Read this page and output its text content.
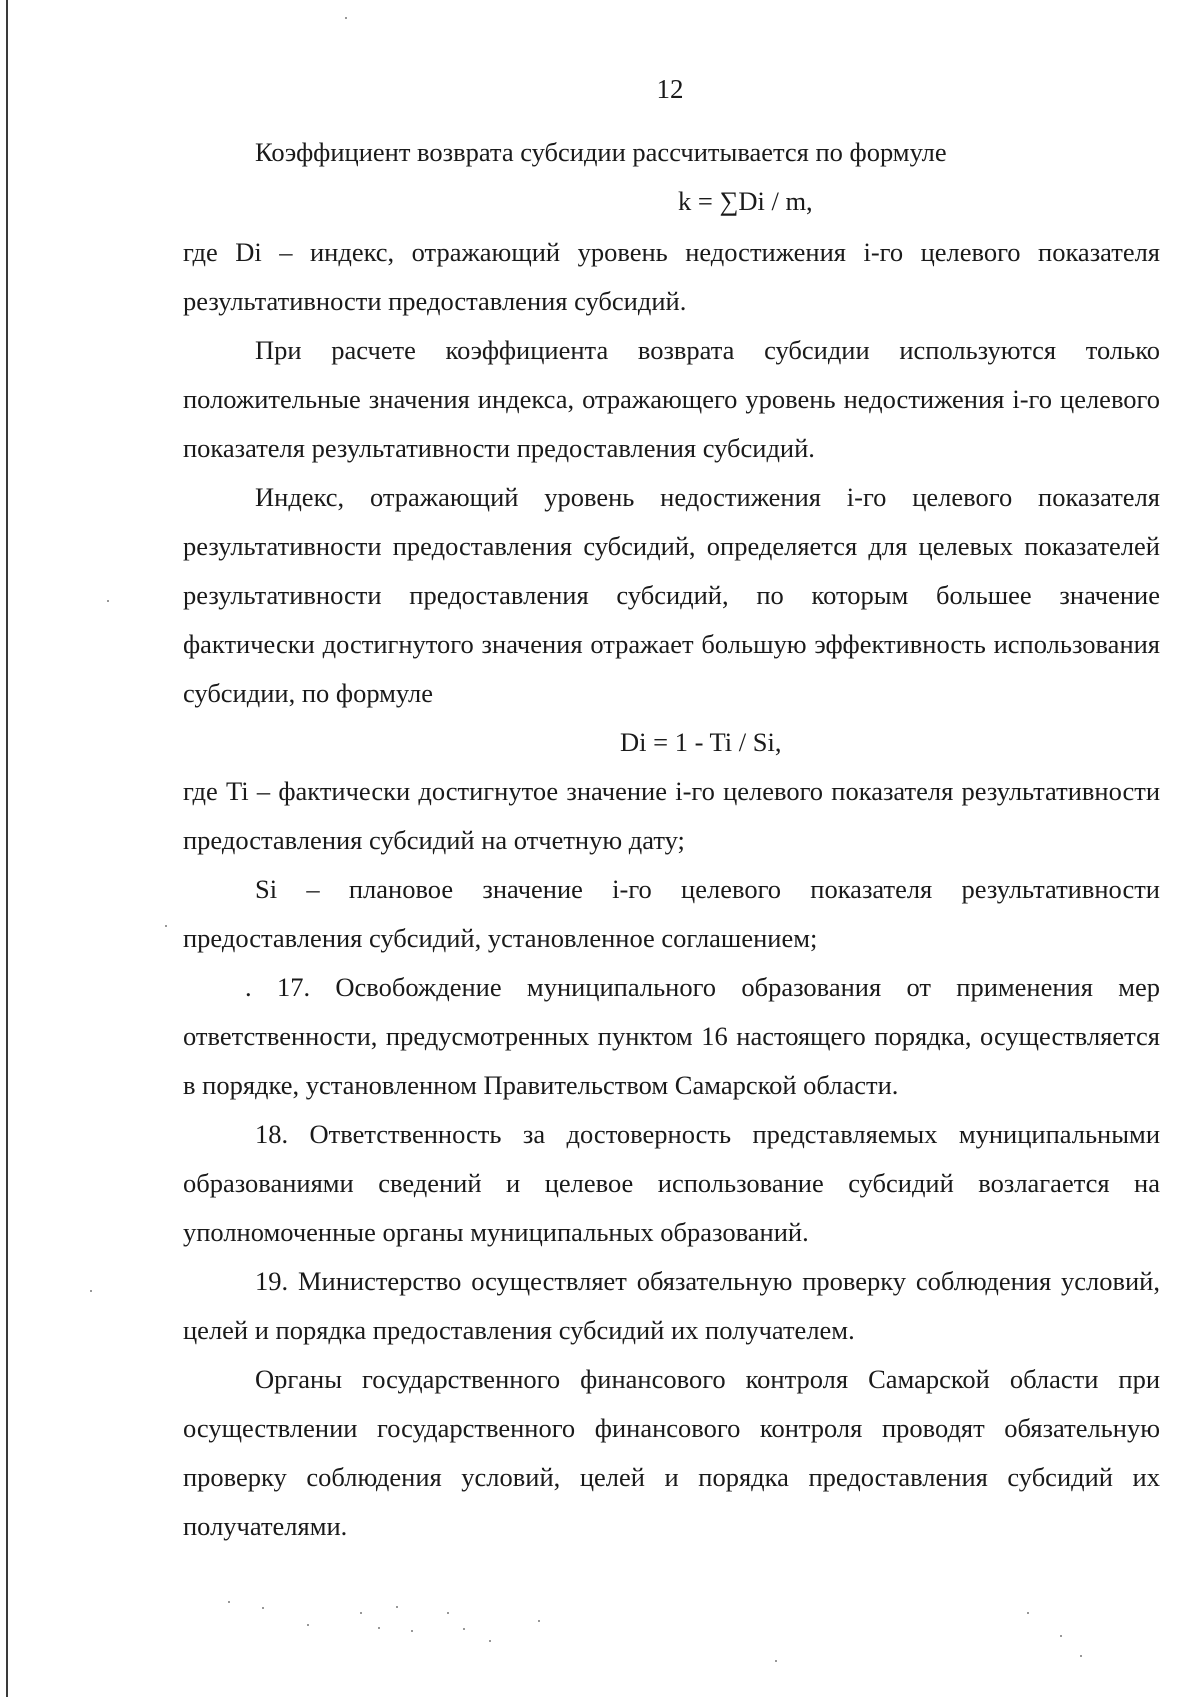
12

Коэффициент возврата субсидии рассчитывается по формуле

k = ∑Di / m,

где Di – индекс, отражающий уровень недостижения i-го целевого показателя результативности предоставления субсидий.

При расчете коэффициента возврата субсидии используются только положительные значения индекса, отражающего уровень недостижения i-го целевого показателя результативности предоставления субсидий.

Индекс, отражающий уровень недостижения i-го целевого показателя результативности предоставления субсидий, определяется для целевых показателей результативности предоставления субсидий, по которым большее значение фактически достигнутого значения отражает большую эффективность использования субсидии, по формуле

Di = 1 - Ti / Si,

где Ti – фактически достигнутое значение i-го целевого показателя результативности предоставления субсидий на отчетную дату;

Si – плановое значение i-го целевого показателя результативности предоставления субсидий, установленное соглашением;

. 17. Освобождение муниципального образования от применения мер ответственности, предусмотренных пунктом 16 настоящего порядка, осуществляется в порядке, установленном Правительством Самарской области.

18. Ответственность за достоверность представляемых муниципальными образованиями сведений и целевое использование субсидий возлагается на уполномоченные органы муниципальных образований.

19. Министерство осуществляет обязательную проверку соблюдения условий, целей и порядка предоставления субсидий их получателем.

Органы государственного финансового контроля Самарской области при осуществлении государственного финансового контроля проводят обязательную проверку соблюдения условий, целей и порядка предоставления субсидий их получателями.
